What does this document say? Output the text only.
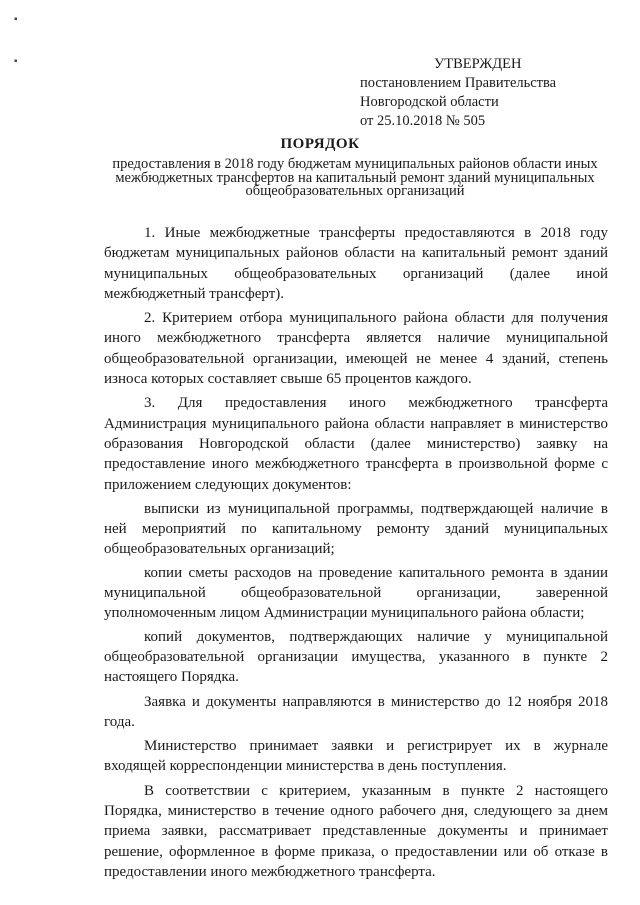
▪
▪	УТВЕРЖДЕН
постановлением Правительства
Новгородской области
от 25.10.2018 № 505
ПОРЯДОК
предоставления в 2018 году бюджетам муниципальных районов области иных межбюджетных трансфертов на капитальный ремонт зданий муниципальных общеобразовательных организаций

1. Иные межбюджетные трансферты предоставляются в 2018 году бюджетам муниципальных районов области на капитальный ремонт зданий муниципальных общеобразовательных организаций (далее иной межбюджетный трансферт).

2. Критерием отбора муниципального района области для получения иного межбюджетного трансферта является наличие муниципальной общеобразовательной организации, имеющей не менее 4 зданий, степень износа которых составляет свыше 65 процентов каждого.

3. Для предоставления иного межбюджетного трансферта Администрация муниципального района области направляет в министерство образования Новгородской области (далее министерство) заявку на предоставление иного межбюджетного трансферта в произвольной форме с приложением следующих документов:

выписки из муниципальной программы, подтверждающей наличие в ней мероприятий по капитальному ремонту зданий муниципальных общеобразовательных организаций;

копии сметы расходов на проведение капитального ремонта в здании муниципальной общеобразовательной организации, заверенной уполномоченным лицом Администрации муниципального района области;

копий документов, подтверждающих наличие у муниципальной общеобразовательной организации имущества, указанного в пункте 2 настоящего Порядка.

Заявка и документы направляются в министерство до 12 ноября 2018 года.

Министерство принимает заявки и регистрирует их в журнале входящей корреспонденции министерства в день поступления.

В соответствии с критерием, указанным в пункте 2 настоящего Порядка, министерство в течение одного рабочего дня, следующего за днем приема заявки, рассматривает представленные документы и принимает решение, оформленное в форме приказа, о предоставлении или об отказе в предоставлении иного межбюджетного трансферта.
